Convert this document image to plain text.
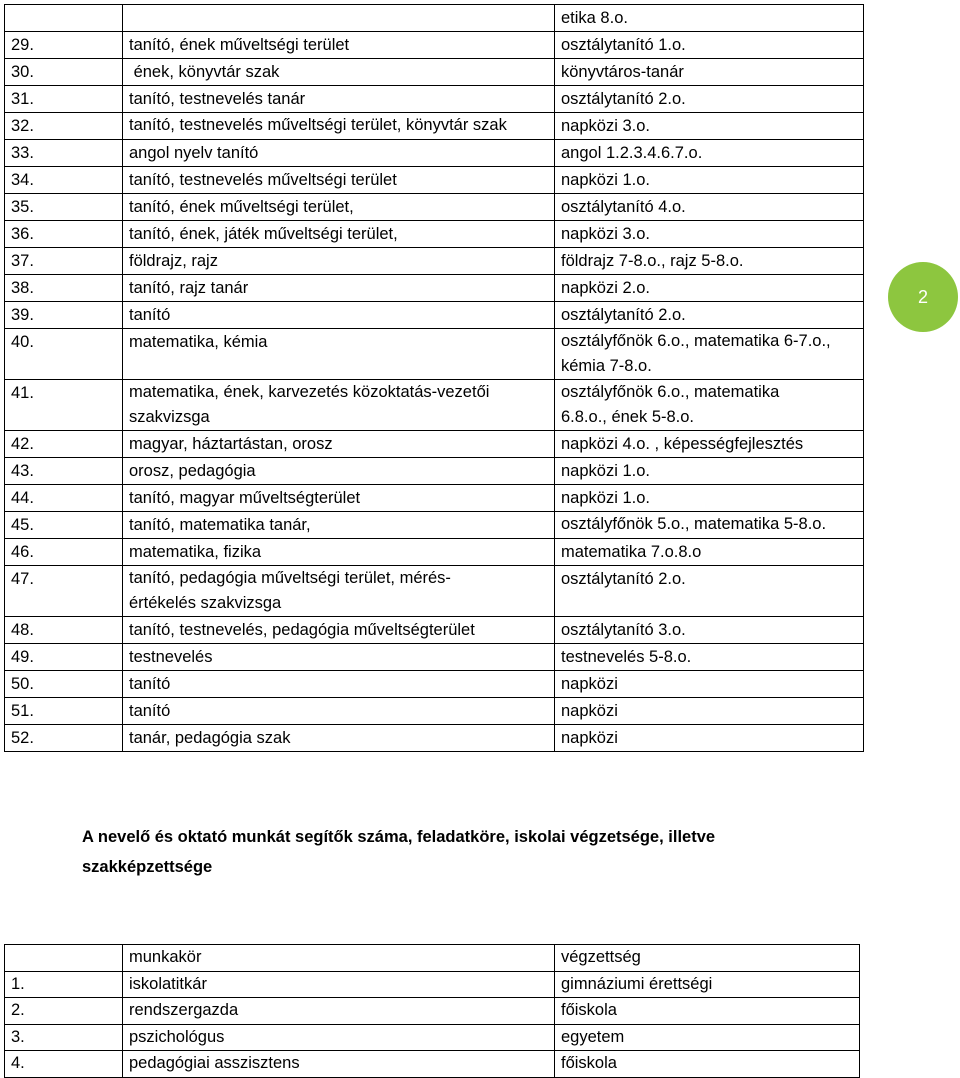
		etika 8.o.
29.	tanító, ének műveltségi terület	osztálytanító 1.o.
30.	ének, könyvtár szak	könyvtáros-tanár
31.	tanító, testnevelés tanár	osztálytanító 2.o.
32.	tanító, testnevelés műveltségi terület, könyvtár szak	napközi 3.o.
33.	angol nyelv tanító	angol 1.2.3.4.6.7.o.
34.	tanító, testnevelés műveltségi terület	napközi 1.o.
35.	tanító, ének műveltségi terület,	osztálytanító 4.o.
36.	tanító, ének, játék műveltségi terület,	napközi 3.o.
37.	földrajz, rajz	földrajz 7-8.o., rajz 5-8.o.
38.	tanító, rajz tanár	napközi 2.o.
39.	tanító	osztálytanító 2.o.
40.	matematika, kémia	osztályfőnök 6.o., matematika 6-7.o., kémia 7-8.o.
41.	matematika, ének, karvezetés közoktatás-vezetői szakvizsga	osztályfőnök 6.o., matematika 6.8.o., ének 5-8.o.
42.	magyar, háztartástan, orosz	napközi 4.o. , képességfejlesztés
43.	orosz, pedagógia	napközi 1.o.
44.	tanító, magyar műveltségterület	napközi 1.o.
45.	tanító, matematika tanár,	osztályfőnök 5.o., matematika 5-8.o.
46.	matematika, fizika	matematika 7.o.8.o
47.	tanító, pedagógia műveltségi terület, mérés-értékelés szakvizsga	osztálytanító 2.o.
48.	tanító, testnevelés, pedagógia műveltségterület	osztálytanító 3.o.
49.	testnevelés	testnevelés 5-8.o.
50.	tanító	napközi
51.	tanító	napközi
52.	tanár, pedagógia szak	napközi
2

A nevelő és oktató munkát segítők száma, feladatköre, iskolai végzetsége, illetve szakképzettsége

	munkakör	végzettség
1.	iskolatitkár	gimnáziumi érettségi
2.	rendszergazda	főiskola
3.	pszichológus	egyetem
4.	pedagógiai asszisztens	főiskola
